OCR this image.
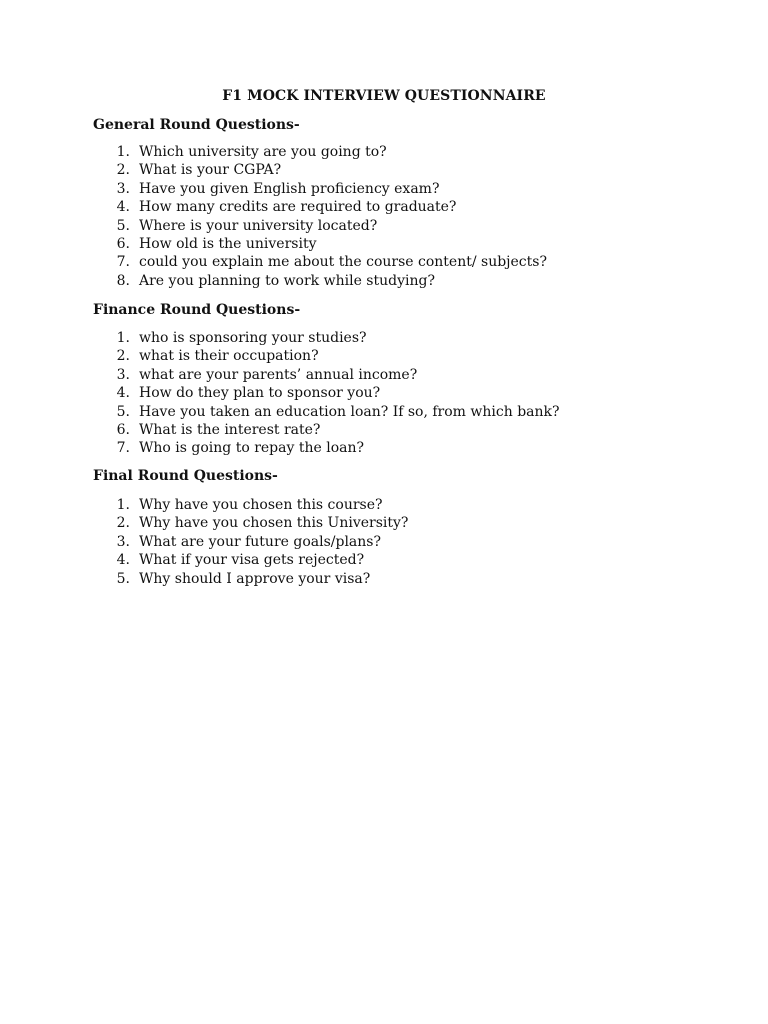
F1 MOCK INTERVIEW QUESTIONNAIRE
General Round Questions-
1. Which university are you going to?
2. What is your CGPA?
3. Have you given English proficiency exam?
4. How many credits are required to graduate?
5. Where is your university located?
6. How old is the university
7. could you explain me about the course content/ subjects?
8. Are you planning to work while studying?
Finance Round Questions-
1. who is sponsoring your studies?
2. what is their occupation?
3. what are your parents’ annual income?
4. How do they plan to sponsor you?
5. Have you taken an education loan? If so, from which bank?
6. What is the interest rate?
7. Who is going to repay the loan?
Final Round Questions-
1. Why have you chosen this course?
2. Why have you chosen this University?
3. What are your future goals/plans?
4. What if your visa gets rejected?
5. Why should I approve your visa?
